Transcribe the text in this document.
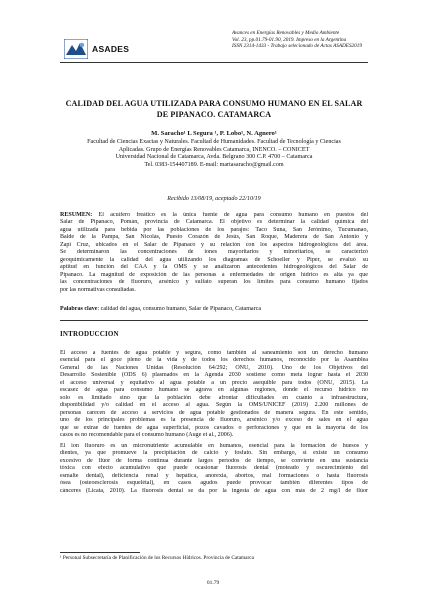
ASADES
Avances en Energías Renovables y Medio Ambiente
Vol. 23, pp.01.79-01.90, 2019. Impreso en la Argentina
ISSN 2314-1433 - Trabajo selecionado de Actas ASADES2019
CALIDAD DEL AGUA UTILIZADA PARA CONSUMO HUMANO EN EL SALAR
DE PIPANACO. CATAMARCA
M. Saracho¹ L Segura ¹, P. Lobo¹, N. Agnero¹
Facultad de Ciencias Exactas y Naturales. Facultad de Humanidades. Facultad de Tecnología y Ciencias
Aplicadas. Grupo de Energías Renovables Catamarca, INENCO. – CONICET
Universidad Nacional de Catamarca, Avda. Belgrano 300 C.P. 4700 – Catamarca
Tel. 0383-154407189. E-mail: martasaracho@gmail.com
Recibido 13/08/19, aceptado 22/10/19
RESUMEN: El acuífero freático es la única fuente de agua para consumo humano en puestos del
Salar de Pipanaco, Pomán, provincia de Catamarca. El objetivo es determinar la calidad química del
agua utilizada para bebida por las poblaciones de los parajes: Taco Suna, San Jerónimo, Tucumanao,
Balde de la Pampa, San Nicolás, Puesto Corazón de Jesús, San Roque, Maderera de San Antonio y
Zapi Cruz, ubicados en el Salar de Pipanaco y su relación con los aspectos hidrogeológicos del área.
Se determinaron las concentraciones de iones mayoritarios y minoritarios, se caracterizó
geoquímicamente la calidad del agua utilizando los diagramas de Schoeller y Piper, se evaluó su
aptitud en función del CAA y la OMS y se analizaron antecedentes hidrogeológicos del Salar de
Pipanaco. La magnitud de exposición de las personas a enfermedades de origen hídrico es alta ya que
las concentraciones de fluoruro, arsénico y sulfato superan los límites para consumo humano fijados
por las normativas consultadas.
Palabras clave: calidad del agua, consumo humano, Salar de Pipanaco, Catamarca
INTRODUCCION
El acceso a fuentes de agua potable y segura, como también al saneamiento son un derecho humano
esencial para el goce pleno de la vida y de todos los derechos humanos, reconocido por la Asamblea
General de las Naciones Unidas (Resolución 64/292; ONU, 2010). Uno de los Objetivos del
Desarrollo Sostenible (ODS 6) plasmados en la Agenda 2030 sostiene como meta lograr hasta el 2030
el acceso universal y equitativo al agua potable a un precio asequible para todos (ONU, 2015). La
escasez de agua para consumo humano se agrava en algunas regiones, donde el recurso hídrico no
solo es limitado sino que la población debe afrontar dificultades en cuanto a infraestructura,
disponibilidad y/o calidad en el acceso al agua. Según la OMS/UNICEF (2019) 2.200 millones de
personas carecen de acceso a servicios de agua potable gestionados de manera segura. En este sentido,
uno de los principales problemas es la presencia de fluoruro, arsénico y/o exceso de sales en el agua
que se extrae de fuentes de agua superficial, pozos cavados o perforaciones y que en la mayoría de los
casos es no recomendable para el consumo humano (Auge et al., 2006).
El ion fluoruro es un micronutriente acumulable en humanos, esencial para la formación de huesos y
dientes, ya que promueve la precipitación de calcio y fosfato. Sin embargo, si existe un consumo
excesivo de flúor de forma continua durante largos períodos de tiempo, se convierte en una sustancia
tóxica con efecto acumulativo que puede ocasionar fluorosis dental (moteado y oscurecimiento del
esmalte dental), deficiencia renal y hepática, anorexia, abortos, mal formaciones o hasta fluorosis
ósea (osteoesclerosis esquelétal), en casos agudos puede provocar también diferentes tipos de
cánceres (Licata, 2010). La fluorosis dental se da por la ingesta de agua con más de 2 mg/l de flúor
¹ Personal Subsecretaría de Planificación de los Recursos Hídricos. Provincia de Catamarca
01.79
